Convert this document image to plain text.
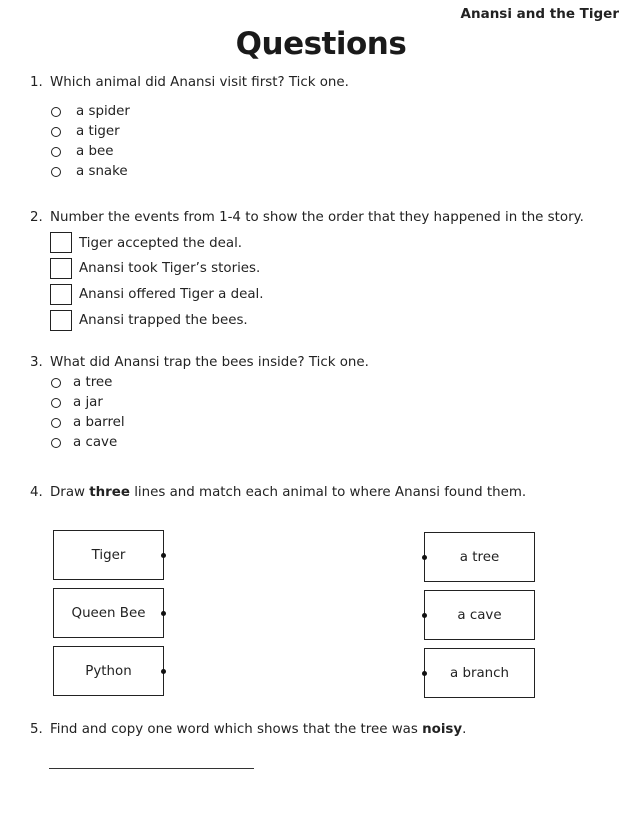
Anansi and the Tiger
Questions
1. Which animal did Anansi visit first? Tick one.
a spider
a tiger
a bee
a snake
2. Number the events from 1-4 to show the order that they happened in the story.
Tiger accepted the deal.
Anansi took Tiger’s stories.
Anansi offered Tiger a deal.
Anansi trapped the bees.
3. What did Anansi trap the bees inside? Tick one.
a tree
a jar
a barrel
a cave
4. Draw three lines and match each animal to where Anansi found them.
Tiger
Queen Bee
Python
a tree
a cave
a branch
5. Find and copy one word which shows that the tree was noisy.
